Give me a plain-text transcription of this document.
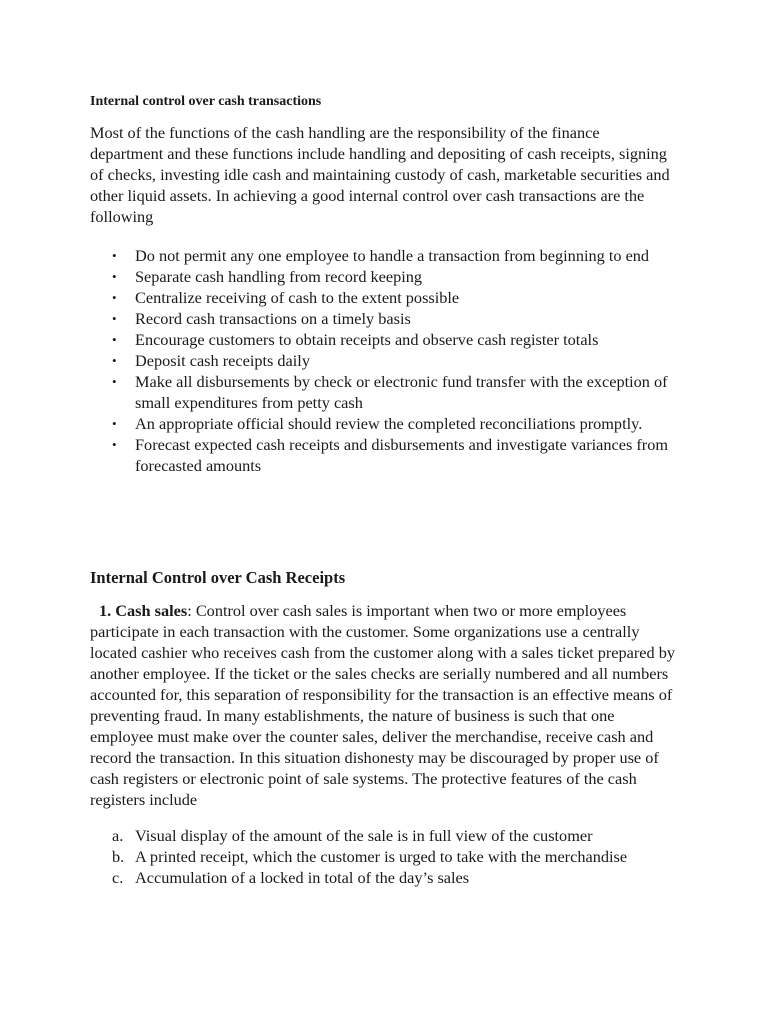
Internal control over cash transactions

Most of the functions of the cash handling are the responsibility of the finance department and these functions include handling and depositing of cash receipts, signing of checks, investing idle cash and maintaining custody of cash, marketable securities and other liquid assets. In achieving a good internal control over cash transactions are the following

• Do not permit any one employee to handle a transaction from beginning to end
• Separate cash handling from record keeping
• Centralize receiving of cash to the extent possible
• Record cash transactions on a timely basis
• Encourage customers to obtain receipts and observe cash register totals
• Deposit cash receipts daily
• Make all disbursements by check or electronic fund transfer with the exception of small expenditures from petty cash
• An appropriate official should review the completed reconciliations promptly.
• Forecast expected cash receipts and disbursements and investigate variances from forecasted amounts
Internal Control over Cash Receipts

1. Cash sales: Control over cash sales is important when two or more employees participate in each transaction with the customer. Some organizations use a centrally located cashier who receives cash from the customer along with a sales ticket prepared by another employee. If the ticket or the sales checks are serially numbered and all numbers accounted for, this separation of responsibility for the transaction is an effective means of preventing fraud. In many establishments, the nature of business is such that one employee must make over the counter sales, deliver the merchandise, receive cash and record the transaction. In this situation dishonesty may be discouraged by proper use of cash registers or electronic point of sale systems. The protective features of the cash registers include

a. Visual display of the amount of the sale is in full view of the customer
b. A printed receipt, which the customer is urged to take with the merchandise
c. Accumulation of a locked in total of the day’s sales
